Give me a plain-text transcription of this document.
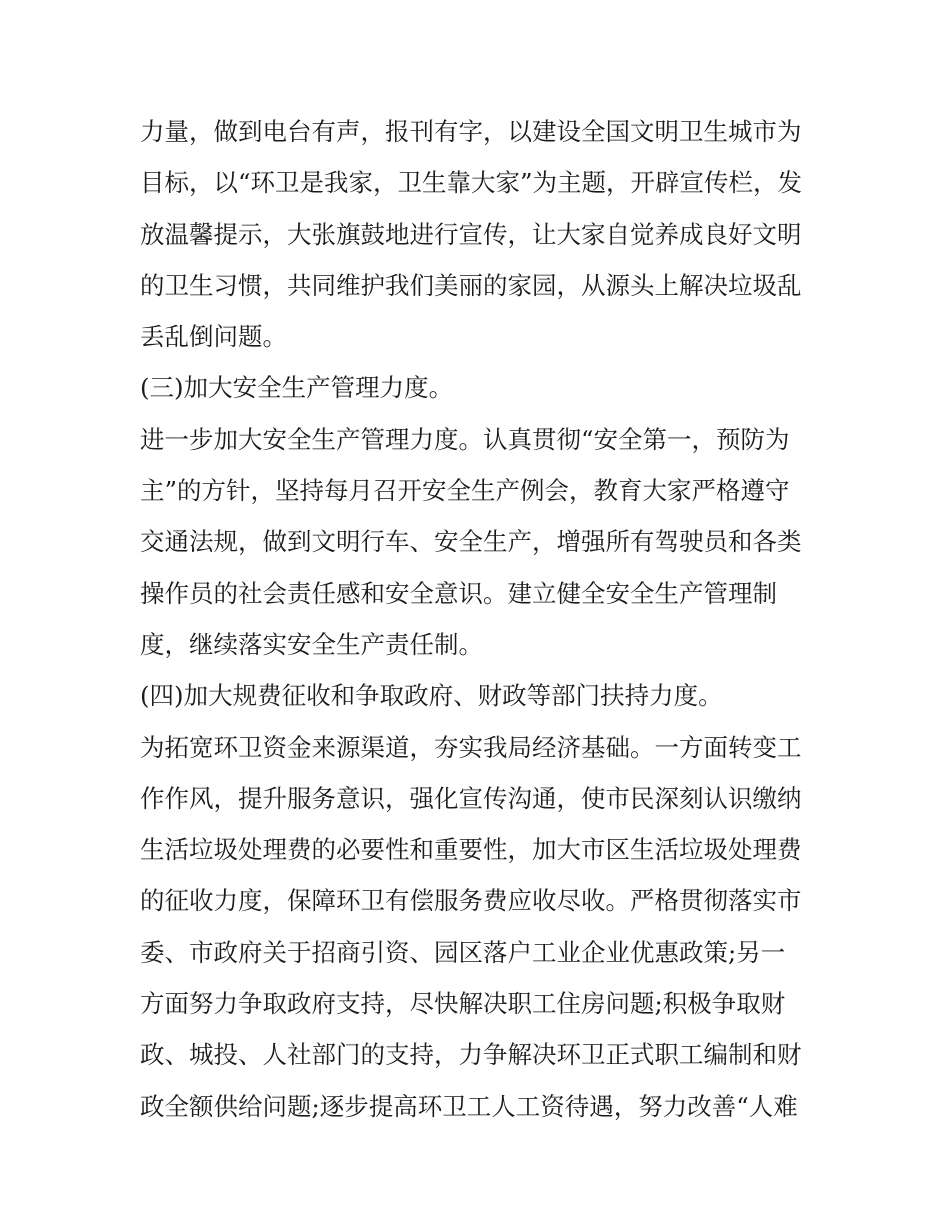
力量，做到电台有声，报刊有字，以建设全国文明卫生城市为
目标，以“环卫是我家，卫生靠大家”为主题，开辟宣传栏，发
放温馨提示，大张旗鼓地进行宣传，让大家自觉养成良好文明
的卫生习惯，共同维护我们美丽的家园，从源头上解决垃圾乱
丢乱倒问题。
(三)加大安全生产管理力度。
进一步加大安全生产管理力度。认真贯彻“安全第一，预防为
主”的方针，坚持每月召开安全生产例会，教育大家严格遵守
交通法规，做到文明行车、安全生产，增强所有驾驶员和各类
操作员的社会责任感和安全意识。建立健全安全生产管理制
度，继续落实安全生产责任制。
(四)加大规费征收和争取政府、财政等部门扶持力度。
为拓宽环卫资金来源渠道，夯实我局经济基础。一方面转变工
作作风，提升服务意识，强化宣传沟通，使市民深刻认识缴纳
生活垃圾处理费的必要性和重要性，加大市区生活垃圾处理费
的征收力度，保障环卫有偿服务费应收尽收。严格贯彻落实市
委、市政府关于招商引资、园区落户工业企业优惠政策;另一
方面努力争取政府支持，尽快解决职工住房问题;积极争取财
政、城投、人社部门的支持，力争解决环卫正式职工编制和财
政全额供给问题;逐步提高环卫工人工资待遇，努力改善“人难
